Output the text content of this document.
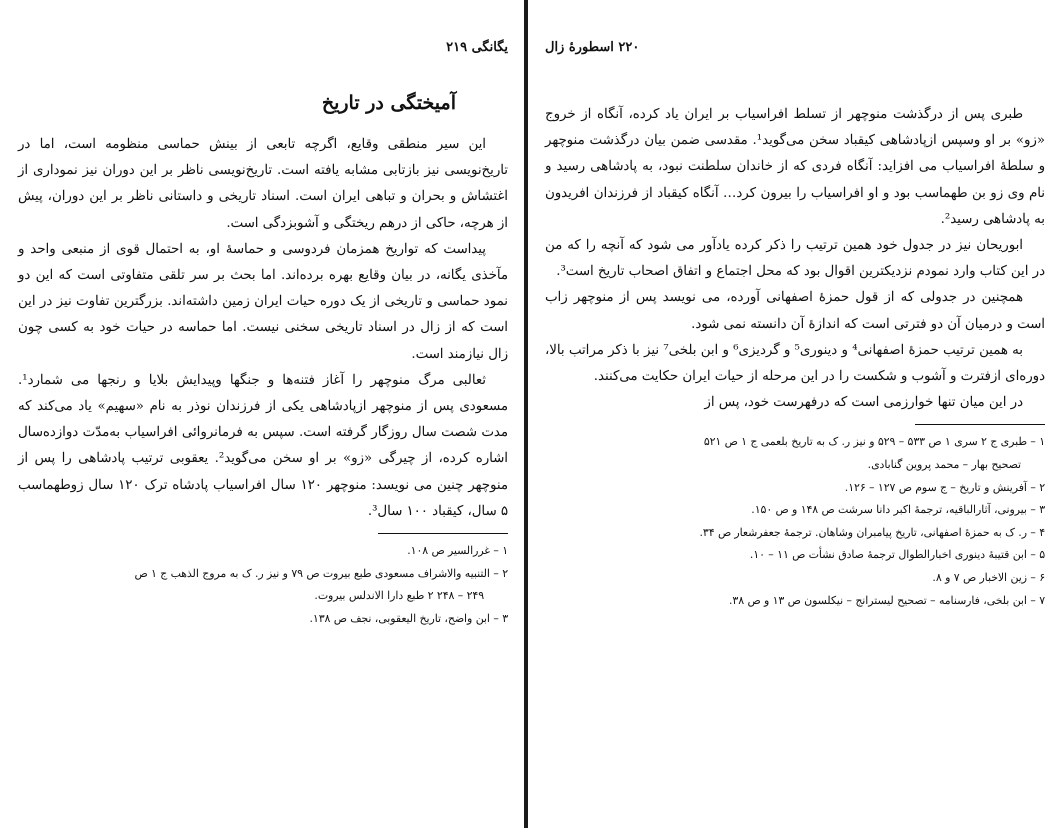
یگانگی ۲۱۹
آمیختگی در تاریخ

این سیر منطقی وقایع، اگرچه تابعی از بینش حماسی منظومه است، اما در تاریخ‌نویسی نیز بازتابی مشابه یافته است. تاریخ‌نویسی ناظر بر این دوران نیز نموداری از اغتشاش و بحران و تباهی ایران است. اسناد تاریخی و داستانی ناظر بر این دوران، پیش از هرچه، حاکی از درهم ریختگی و آشوبزدگی است.

پیداست که تواریخ همزمان فردوسی و حماسهٔ او، به احتمال قوی از منبعی واحد و مآخذی یگانه، در بیان وقایع بهره برده‌اند. اما بحث بر سر تلقی متفاوتی است که این دو نمود حماسی و تاریخی از یک دوره حیات ایران زمین داشته‌اند. بزرگترین تفاوت نیز در این است که از زال در اسناد تاریخی سخنی نیست. اما حماسه در حیات خود به کسی چون زال نیازمند است.

ثعالبی مرگ منوچهر را آغاز فتنه‌ها و جنگها وپیدایش بلایا و رنجها می شمارد¹. مسعودی پس از منوچهر ازپادشاهی یکی از فرزندان نوذر به نام «سهیم» یاد می‌کند که مدت شصت سال روزگار گرفته است. سپس به فرمانروائی افراسیاب به‌مدّت دوازده‌سال اشاره کرده، از چیرگی «زو» بر او سخن می‌گوید². یعقوبی ترتیب پادشاهی را پس از منوچهر چنین می نویسد: منوچهر ۱۲۰ سال افراسیاب پادشاه ترک ۱۲۰ سال زوطهماسب ۵ سال، کیقباد ۱۰۰ سال³.

۱ – غررالسیر ص ۱۰۸.

۲ – التنبیه والاشراف مسعودی طبع بیروت ص ۷۹ و نیز ر. ک به مروج الذهب ج ۱ ص

۲۴۹ – ۲۴۸ ۲ طبع دارا الاندلس بیروت.

۳ – ابن واضح، تاریخ الیعقوبی، نجف ص ۱۳۸.

۲۲۰ اسطورهٔ زال

طبری پس از درگذشت منوچهر از تسلط افراسیاب بر ایران یاد کرده، آنگاه از خروج «زو» بر او وسپس ازپادشاهی کیقباد سخن می‌گوید¹. مقدسی ضمن بیان درگذشت منوچهر و سلطهٔ افراسیاب می افزاید: آنگاه فردی که از خاندان سلطنت نبود، به پادشاهی رسید و نام وی زو بن طهماسب بود و او افراسیاب را بیرون کرد… آنگاه کیقباد از فرزندان افریدون به پادشاهی رسید².

ابوریحان نیز در جدول خود همین ترتیب را ذکر کرده یادآور می شود که آنچه را که من در این کتاب وارد نمودم نزدیکترین اقوال بود که محل اجتماع و اتفاق اصحاب تاریخ است³.

همچنین در جدولی که از قول حمزهٔ اصفهانی آورده، می نویسد پس از منوچهر زاب است و درمیان آن دو فترتی است که اندازهٔ آن دانسته نمی شود.

به همین ترتیب حمزهٔ اصفهانی⁴ و دینوری⁵ و گردیزی⁶ و ابن بلخی⁷ نیز با ذکر مراتب بالا، دوره‌ای ازفترت و آشوب و شکست را در این مرحله از حیات ایران حکایت می‌کنند.

در این میان تنها خوارزمی است که درفهرست خود، پس از

۱ – طبری ج ۲ سری ۱ ص ۵۳۳ – ۵۲۹ و نیز ر. ک به تاریخ بلعمی ج ۱ ص ۵۲۱

تصحیح بهار – محمد پروین گنابادی.

۲ – آفرینش و تاریخ – ج سوم ص ۱۲۷ – ۱۲۶.

۳ – بیرونی، آثارالباقیه، ترجمهٔ اکبر دانا سرشت ص ۱۴۸ و ص ۱۵۰.

۴ – ر. ک به حمزهٔ اصفهانی، تاریخ پیامبران وشاهان. ترجمهٔ جعفرشعار ص ۳۴.

۵ – ابن قتیبهٔ دینوری اخبارالطوال ترجمهٔ صادق نشأت ص ۱۱ – ۱۰.

۶ – زین الاخبار ص ۷ و ۸.

۷ – ابن بلخی، فارسنامه – تصحیح لیسترانج – نیکلسون ص ۱۳ و ص ۳۸.
